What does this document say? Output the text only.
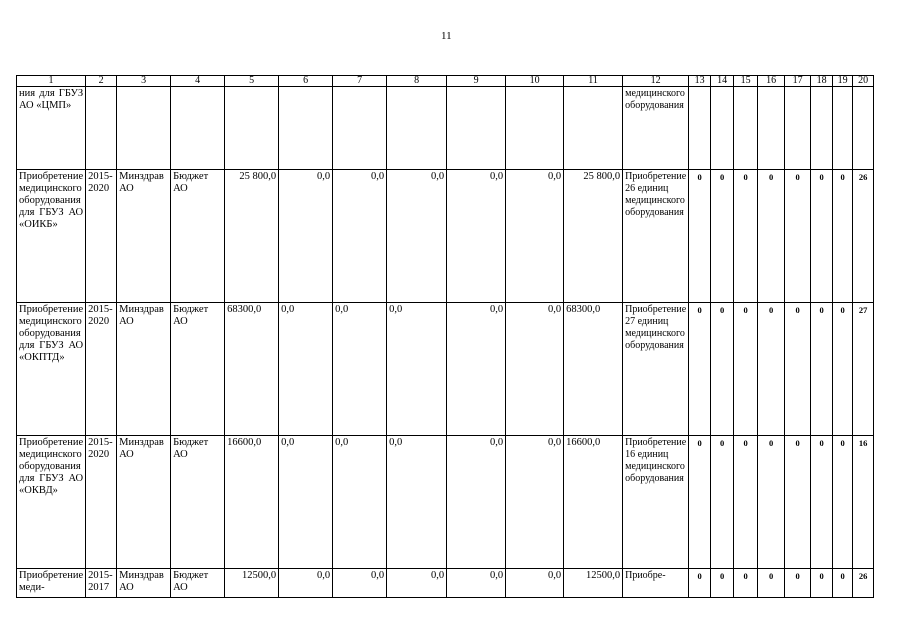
11
1	2	3	4	5	6	7	8	9	10	11	12	13	14	15	16	17	18	19	20
ния для ГБУЗ АО «ЦМП»											медицинского оборудования								
Приобретение медицинского оборудования для ГБУЗ АО «ОИКБ»	2015-2020	Минздрав АО	Бюджет АО	25 800,0	0,0	0,0	0,0	0,0	0,0	25 800,0	Приобретение 26 единиц медицинского оборудования	0	0	0	0	0	0	0	26
Приобретение медицинского оборудования для ГБУЗ АО «ОКПТД»	2015-2020	Минздрав АО	Бюджет АО	68300,0	0,0	0,0	0,0	0,0	0,0	68300,0	Приобретение 27 единиц медицинского оборудования	0	0	0	0	0	0	0	27
Приобретение медицинского оборудования для ГБУЗ АО «ОКВД»	2015-2020	Минздрав АО	Бюджет АО	16600,0	0,0	0,0	0,0	0,0	0,0	16600,0	Приобретение 16 единиц медицинского оборудования	0	0	0	0	0	0	0	16
Приобретение меди-	2015-2017	Минздрав АО	Бюджет АО	12500,0	0,0	0,0	0,0	0,0	0,0	12500,0	Приобре-	0	0	0	0	0	0	0	26
